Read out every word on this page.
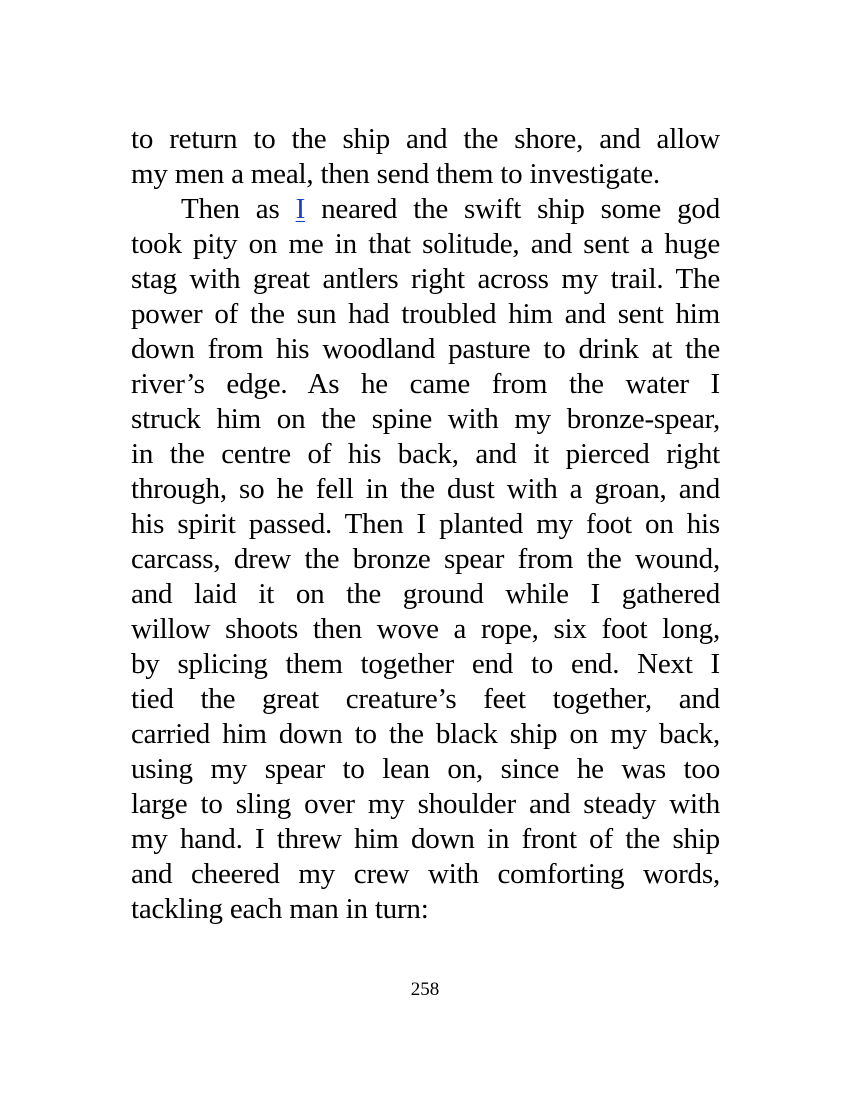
to return to the ship and the shore, and allow
my men a meal, then send them to investigate.
Then as I neared the swift ship some god
took pity on me in that solitude, and sent a huge
stag with great antlers right across my trail. The
power of the sun had troubled him and sent him
down from his woodland pasture to drink at the
river’s edge. As he came from the water I
struck him on the spine with my bronze-spear,
in the centre of his back, and it pierced right
through, so he fell in the dust with a groan, and
his spirit passed. Then I planted my foot on his
carcass, drew the bronze spear from the wound,
and laid it on the ground while I gathered
willow shoots then wove a rope, six foot long,
by splicing them together end to end. Next I
tied the great creature’s feet together, and
carried him down to the black ship on my back,
using my spear to lean on, since he was too
large to sling over my shoulder and steady with
my hand. I threw him down in front of the ship
and cheered my crew with comforting words,
tackling each man in turn:
258
